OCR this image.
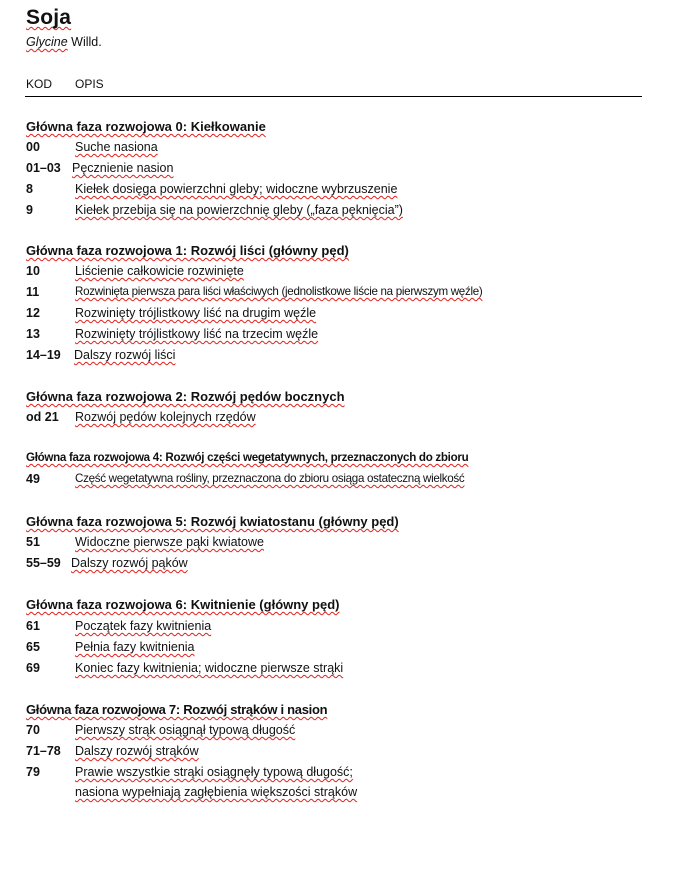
Soja
Glycine Willd.
KOD OPIS
Główna faza rozwojowa 0: Kiełkowanie
00	Suche nasiona
01–03 Pęcznienie nasion
8	Kiełek dosięga powierzchni gleby; widoczne wybrzuszenie
9	Kiełek przebija się na powierzchnię gleby („faza pęknięcia”)
Główna faza rozwojowa 1: Rozwój liści (główny pęd)
10	Liścienie całkowicie rozwinięte
11	Rozwinięta pierwsza para liści właściwych (jednolistkowe liście na pierwszym węźle)
12	Rozwinięty trójlistkowy liść na drugim węźle
13	Rozwinięty trójlistkowy liść na trzecim węźle
14–19 Dalszy rozwój liści
Główna faza rozwojowa 2: Rozwój pędów bocznych
od 21 Rozwój pędów kolejnych rzędów
Główna faza rozwojowa 4: Rozwój części wegetatywnych, przeznaczonych do zbioru
49	Część wegetatywna rośliny, przeznaczona do zbioru osiąga ostateczną wielkość
Główna faza rozwojowa 5: Rozwój kwiatostanu (główny pęd)
51	Widoczne pierwsze pąki kwiatowe
55–59 Dalszy rozwój pąków
Główna faza rozwojowa 6: Kwitnienie (główny pęd)
61	Początek fazy kwitnienia
65	Pełnia fazy kwitnienia
69	Koniec fazy kwitnienia; widoczne pierwsze strąki
Główna faza rozwojowa 7: Rozwój strąków i nasion
70	Pierwszy strąk osiągnął typową długość
71–78 Dalszy rozwój strąków
79	Prawie wszystkie strąki osiągnęły typową długość;
nasiona wypełniają zagłębienia większości strąków
